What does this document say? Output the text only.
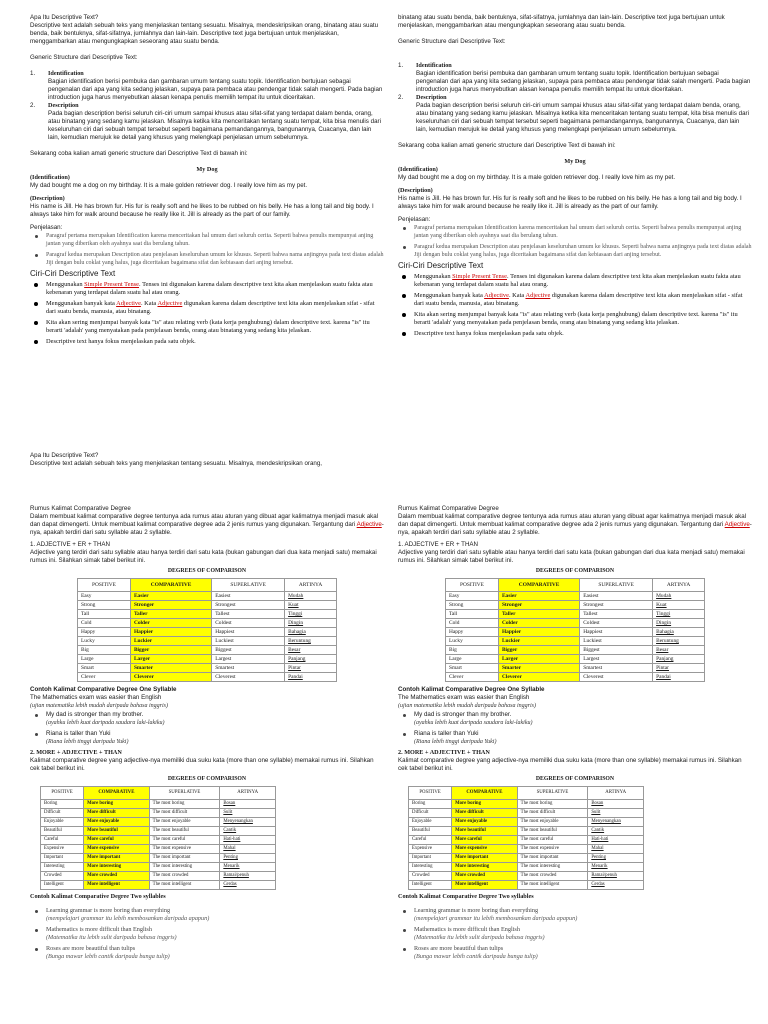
Apa Itu Descriptive Text?

Descriptive text adalah sebuah teks yang menjelaskan tentang sesuatu. Misalnya, mendeskripsikan orang, binatang atau suatu benda, baik bentuknya, sifat-sifatnya, jumlahnya dan lain-lain. Descriptive text juga bertujuan untuk menjelaskan, menggambarkan atau mengungkapkan seseorang atau suatu benda.

Generic Structure dari Descriptive Text:

1. Identification
Bagian identification berisi pembuka dan gambaran umum tentang suatu topik. Identification bertujuan sebagai pengenalan dari apa yang kita sedang jelaskan, supaya para pembaca atau pendengar tidak salah mengerti. Pada bagian introduction juga harus menyebutkan alasan kenapa penulis memilih tempat itu untuk diceritakan.
2. Description
Pada bagian description berisi seluruh ciri-ciri umum sampai khusus atau sifat-sifat yang terdapat dalam benda, orang, atau binatang yang sedang kamu jelaskan. Misalnya ketika kita menceritakan tentang suatu tempat, kita bisa menulis dari keseluruhan ciri dari sebuah tempat tersebut seperti bagaimana pemandangannya, bangunannya, Cuacanya, dan lain lain, kemudian merujuk ke detail yang khusus yang melengkapi penjelasan umum sebelumnya.

Sekarang coba kalian amati generic structure dari Descriptive Text di bawah ini:

My Dog

(Identification)

My dad bought me a dog on my birthday. It is a male golden retriever dog. I really love him as my pet.

(Description)

His name is Jill. He has brown fur. His fur is really soft and he likes to be rubbed on his belly. He has a long tail and big body. I always take him for walk around because he really like it. Jill is already as the part of our family.

Penjelasan:

Paragraf pertama merupakan Identification karena menceritakan hal umum dari seluruh cerita. Seperti bahwa penulis mempunyai anjing jantan yang diberikan oleh ayahnya saat dia berulang tahun.
Paragraf kedua merupakan Description atau penjelasan keseluruhan umum ke khusus. Seperti bahwa nama anjingnya pada text diatas adalah Jiji dengan bulu coklat yang halus, juga diceritakan bagaimana sifat dan kebiasaan dari anjing tersebut.

Ciri-Ciri Descriptive Text

Menggunakan Simple Present Tense. Tenses ini digunakan karena dalam descriptive text kita akan menjelaskan suatu fakta atau kebenaran yang terdapat dalam suatu hal atau orang.
Menggunakan banyak kata Adjective. Kata Adjective digunakan karena dalam descriptive text kita akan menjelaskan sifat - sifat dari suatu benda, manusia, atau binatang.
Kita akan sering menjumpai banyak kata "is" atau relating verb (kata kerja penghubung) dalam descriptive text. karena "is" itu berarti 'adalah' yang menyatakan pada penjelasan benda, orang atau binatang yang sedang kita jelaskan.
Descriptive text hanya fokus menjelaskan pada satu objek.

binatang atau suatu benda, baik bentuknya, sifat-sifatnya, jumlahnya dan lain-lain. Descriptive text juga bertujuan untuk menjelaskan, menggambarkan atau mengungkapkan seseorang atau suatu benda.

Generic Structure dari Descriptive Text:

1. Identification
Bagian identification berisi pembuka dan gambaran umum tentang suatu topik. Identification bertujuan sebagai pengenalan dari apa yang kita sedang jelaskan, supaya para pembaca atau pendengar tidak salah mengerti. Pada bagian introduction juga harus menyebutkan alasan kenapa penulis memilih tempat itu untuk diceritakan.
2. Description
Pada bagian description berisi seluruh ciri-ciri umum sampai khusus atau sifat-sifat yang terdapat dalam benda, orang, atau binatang yang sedang kamu jelaskan. Misalnya ketika kita menceritakan tentang suatu tempat, kita bisa menulis dari keseluruhan ciri dari sebuah tempat tersebut seperti bagaimana pemandangannya, bangunannya, Cuacanya, dan lain lain, kemudian merujuk ke detail yang khusus yang melengkapi penjelasan umum sebelumnya.

Sekarang coba kalian amati generic structure dari Descriptive Text di bawah ini:

My Dog

(Identification)

My dad bought me a dog on my birthday. It is a male golden retriever dog. I really love him as my pet.

(Description)

His name is Jill. He has brown fur. His fur is really soft and he likes to be rubbed on his belly. He has a long tail and big body. I always take him for walk around because he really like it. Jill is already as the part of our family.

Penjelasan:

Paragraf pertama merupakan Identification karena menceritakan hal umum dari seluruh cerita. Seperti bahwa penulis mempunyai anjing jantan yang diberikan oleh ayahnya saat dia berulang tahun.
Paragraf kedua merupakan Description atau penjelasan keseluruhan umum ke khusus. Seperti bahwa nama anjingnya pada text diatas adalah Jiji dengan bulu coklat yang halus, juga diceritakan bagaimana sifat dan kebiasaan dari anjing tersebut.

Ciri-Ciri Descriptive Text

Menggunakan Simple Present Tense. Tenses ini digunakan karena dalam descriptive text kita akan menjelaskan suatu fakta atau kebenaran yang terdapat dalam suatu hal atau orang.
Menggunakan banyak kata Adjective. Kata Adjective digunakan karena dalam descriptive text kita akan menjelaskan sifat - sifat dari suatu benda, manusia, atau binatang.
Kita akan sering menjumpai banyak kata "is" atau relating verb (kata kerja penghubung) dalam descriptive text. karena "is" itu berarti 'adalah' yang menyatakan pada penjelasan benda, orang atau binatang yang sedang kita jelaskan.
Descriptive text hanya fokus menjelaskan pada satu objek.

Apa Itu Descriptive Text?

Descriptive text adalah sebuah teks yang menjelaskan tentang sesuatu. Misalnya, mendeskripsikan orang,

Rumus Kalimat Comparative Degree

Dalam membuat kalimat comparative degree tentunya ada rumus atau aturan yang dibuat agar kalimatnya menjadi masuk akal dan dapat dimengerti. Untuk membuat kalimat comparative degree ada 2 jenis rumus yang digunakan. Tergantung dari Adjective-nya, apakah terdiri dari satu syllable atau 2 syllable.

1. ADJECTIVE + ER + THAN

Adjective yang terdiri dari satu syllable atau hanya terdiri dari satu kata (bukan gabungan dari dua kata menjadi satu) memakai rumus ini. Silahkan simak tabel berikut ini.

DEGREES OF COMPARISON
POSITIVE	COMPARATIVE	SUPERLATIVE	ARTINYA
Easy	Easier	Easiest	Mudah
Strong	Stronger	Strongest	Kuat
Tall	Taller	Tallest	Tinggi
Cold	Colder	Coldest	Dingin
Happy	Happier	Happiest	Bahagia
Lucky	Luckier	Luckiest	Beruntung
Big	Bigger	Biggest	Besar
Large	Larger	Largest	Panjang
Smart	Smarter	Smartest	Pintar
Clever	Cleverer	Cleverest	Pandai

Contoh Kalimat Comparative Degree One Syllable

The Mathematics exam was easier than English

(ujian matematika lebih mudah daripada bahasa inggris)

My dad is stronger than my brother.
(ayahku lebih kuat daripada saudara laki-lakiku)
Riana is taller than Yuki
(Riana lebih tinggi daripada Yuki)

2. MORE + ADJECTIVE + THAN

Kalimat comparative degree yang adjective-nya memiliki dua suku kata (more than one syllable) memakai rumus ini. Silahkan cek tabel berikut ini.

DEGREES OF COMPARISON
POSITIVE	COMPARATIVE	SUPERLATIVE	ARTINYA
Boring	More boring	The most boring	Bosan
Difficult	More difficult	The most difficult	Sulit
Enjoyable	More enjoyable	The most enjoyable	Menyenangkan
Beautiful	More beautiful	The most beautiful	Cantik
Careful	More careful	The most careful	Hati-hati
Expensive	More expensive	The most expensive	Mahal
Important	More important	The most important	Penting
Interesting	More interesting	The most interesting	Menarik
Crowded	More crowded	The most crowded	Ramai/penuh
Intelligent	More intelligent	The most intelligent	Cerdas

Contoh Kalimat Comparative Degree Two syllables

Learning grammar is more boring than everything
(mempelajari grammar itu lebih membosankan daripada apapun)
Mathematics is more difficult than English
(Matematika itu lebih sulit daripada bahasa inggris)
Roses are more beautiful than tulips
(Bunga mawar lebih cantik daripada bunga tulip)

Rumus Kalimat Comparative Degree

Dalam membuat kalimat comparative degree tentunya ada rumus atau aturan yang dibuat agar kalimatnya menjadi masuk akal dan dapat dimengerti. Untuk membuat kalimat comparative degree ada 2 jenis rumus yang digunakan. Tergantung dari Adjective-nya, apakah terdiri dari satu syllable atau 2 syllable.

1. ADJECTIVE + ER + THAN

Adjective yang terdiri dari satu syllable atau hanya terdiri dari satu kata (bukan gabungan dari dua kata menjadi satu) memakai rumus ini. Silahkan simak tabel berikut ini.

DEGREES OF COMPARISON
POSITIVE	COMPARATIVE	SUPERLATIVE	ARTINYA
Easy	Easier	Easiest	Mudah
Strong	Stronger	Strongest	Kuat
Tall	Taller	Tallest	Tinggi
Cold	Colder	Coldest	Dingin
Happy	Happier	Happiest	Bahagia
Lucky	Luckier	Luckiest	Beruntung
Big	Bigger	Biggest	Besar
Large	Larger	Largest	Panjang
Smart	Smarter	Smartest	Pintar
Clever	Cleverer	Cleverest	Pandai

Contoh Kalimat Comparative Degree One Syllable

The Mathematics exam was easier than English

(ujian matematika lebih mudah daripada bahasa inggris)

My dad is stronger than my brother.
(ayahku lebih kuat daripada saudara laki-lakiku)
Riana is taller than Yuki
(Riana lebih tinggi daripada Yuki)

2. MORE + ADJECTIVE + THAN

Kalimat comparative degree yang adjective-nya memiliki dua suku kata (more than one syllable) memakai rumus ini. Silahkan cek tabel berikut ini.

DEGREES OF COMPARISON
POSITIVE	COMPARATIVE	SUPERLATIVE	ARTINYA
Boring	More boring	The most boring	Bosan
Difficult	More difficult	The most difficult	Sulit
Enjoyable	More enjoyable	The most enjoyable	Menyenangkan
Beautiful	More beautiful	The most beautiful	Cantik
Careful	More careful	The most careful	Hati-hati
Expensive	More expensive	The most expensive	Mahal
Important	More important	The most important	Penting
Interesting	More interesting	The most interesting	Menarik
Crowded	More crowded	The most crowded	Ramai/penuh
Intelligent	More intelligent	The most intelligent	Cerdas

Contoh Kalimat Comparative Degree Two syllables

Learning grammar is more boring than everything
(mempelajari grammar itu lebih membosankan daripada apapun)
Mathematics is more difficult than English
(Matematika itu lebih sulit daripada bahasa inggris)
Roses are more beautiful than tulips
(Bunga mawar lebih cantik daripada bunga tulip)
